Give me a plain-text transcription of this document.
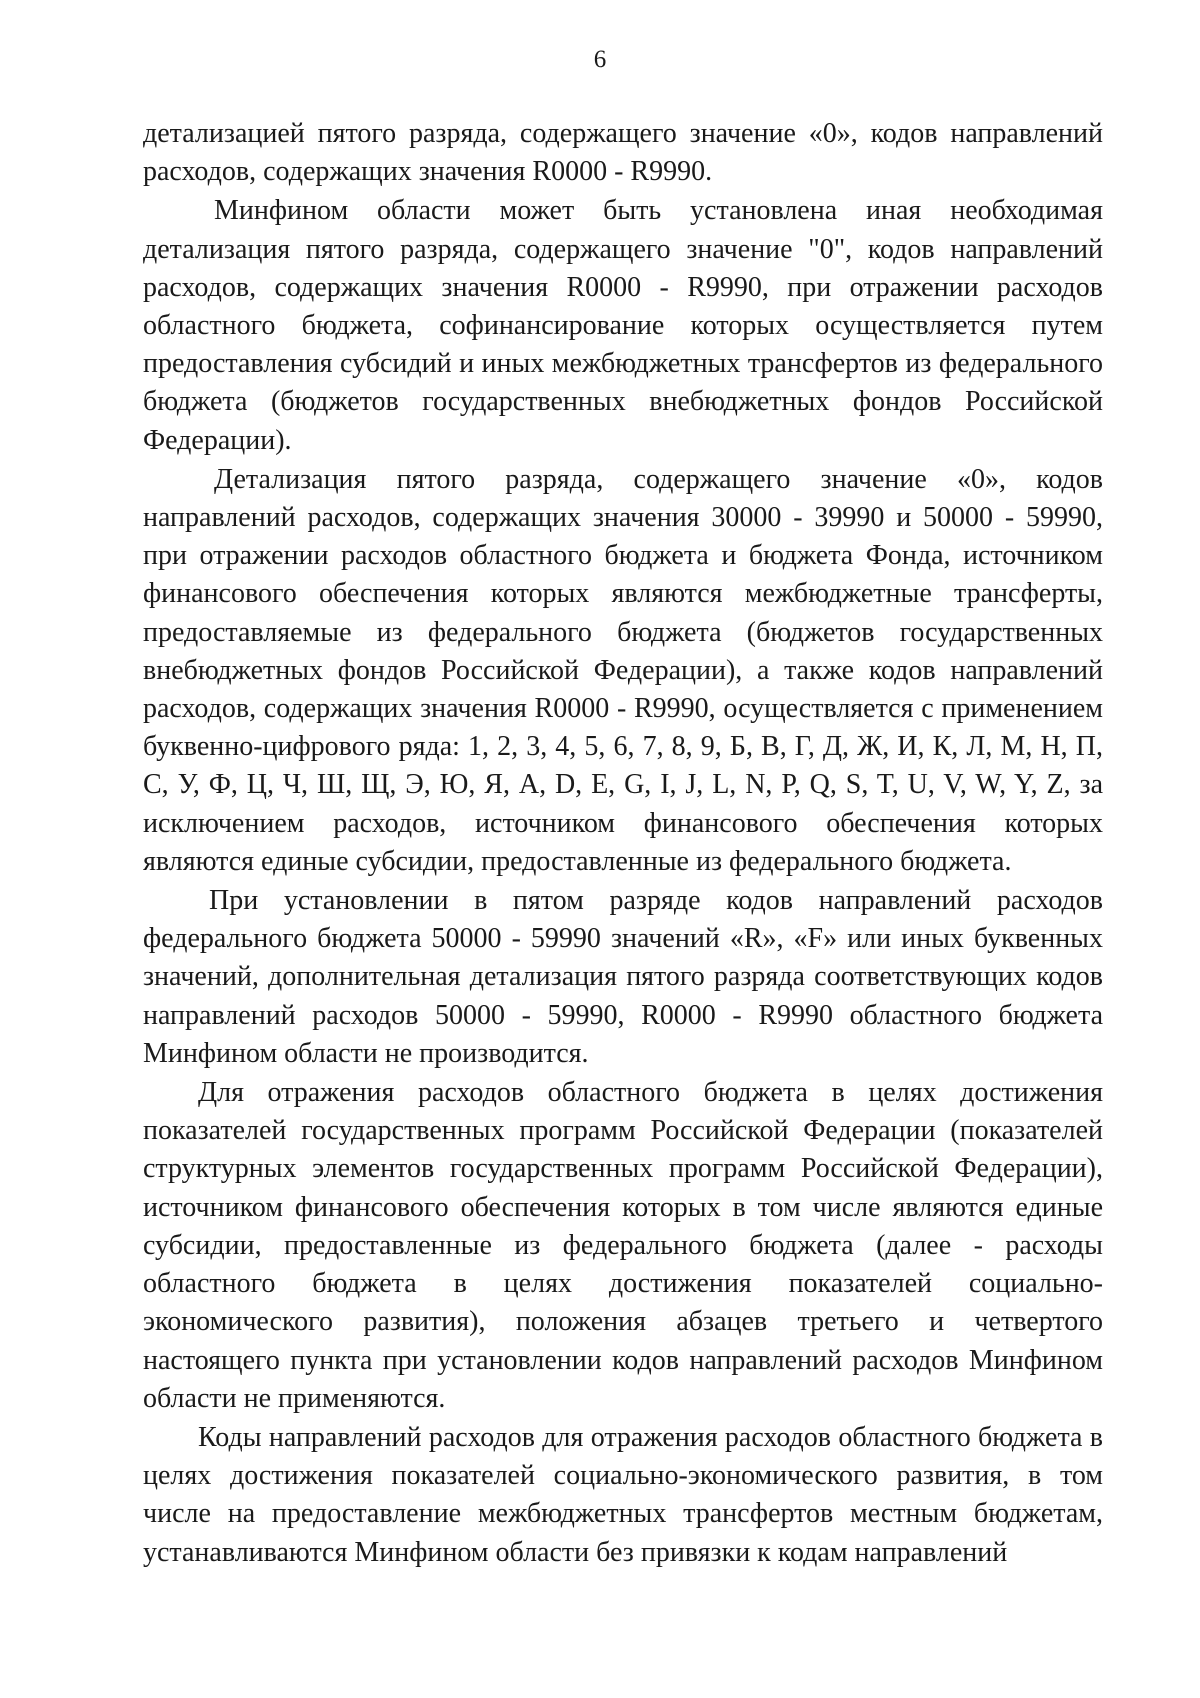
6

детализацией пятого разряда, содержащего значение «0», кодов направлений расходов, содержащих значения R0000 - R9990.

Минфином области может быть установлена иная необходимая детализация пятого разряда, содержащего значение "0", кодов направлений расходов, содержащих значения R0000 - R9990, при отражении расходов областного бюджета, софинансирование которых осуществляется путем предоставления субсидий и иных межбюджетных трансфертов из федерального бюджета (бюджетов государственных внебюджетных фондов Российской Федерации).

Детализация пятого разряда, содержащего значение «0», кодов направлений расходов, содержащих значения 30000 - 39990 и 50000 - 59990, при отражении расходов областного бюджета и бюджета Фонда, источником финансового обеспечения которых являются межбюджетные трансферты, предоставляемые из федерального бюджета (бюджетов государственных внебюджетных фондов Российской Федерации), а также кодов направлений расходов, содержащих значения R0000 - R9990, осуществляется с применением буквенно-цифрового ряда: 1, 2, 3, 4, 5, 6, 7, 8, 9, Б, В, Г, Д, Ж, И, К, Л, М, Н, П, С, У, Ф, Ц, Ч, Ш, Щ, Э, Ю, Я, A, D, E, G, I, J, L, N, P, Q, S, T, U, V, W, Y, Z, за исключением расходов, источником финансового обеспечения которых являются единые субсидии, предоставленные из федерального бюджета.

При установлении в пятом разряде кодов направлений расходов федерального бюджета 50000 - 59990 значений «R», «F» или иных буквенных значений, дополнительная детализация пятого разряда соответствующих кодов направлений расходов 50000 - 59990, R0000 - R9990 областного бюджета Минфином области не производится.

Для отражения расходов областного бюджета в целях достижения показателей государственных программ Российской Федерации (показателей структурных элементов государственных программ Российской Федерации), источником финансового обеспечения которых в том числе являются единые субсидии, предоставленные из федерального бюджета (далее - расходы областного бюджета в целях достижения показателей социально-экономического развития), положения абзацев третьего и четвертого настоящего пункта при установлении кодов направлений расходов Минфином области не применяются.

Коды направлений расходов для отражения расходов областного бюджета в целях достижения показателей социально-экономического развития, в том числе на предоставление межбюджетных трансфертов местным бюджетам, устанавливаются Минфином области без привязки к кодам направлений
